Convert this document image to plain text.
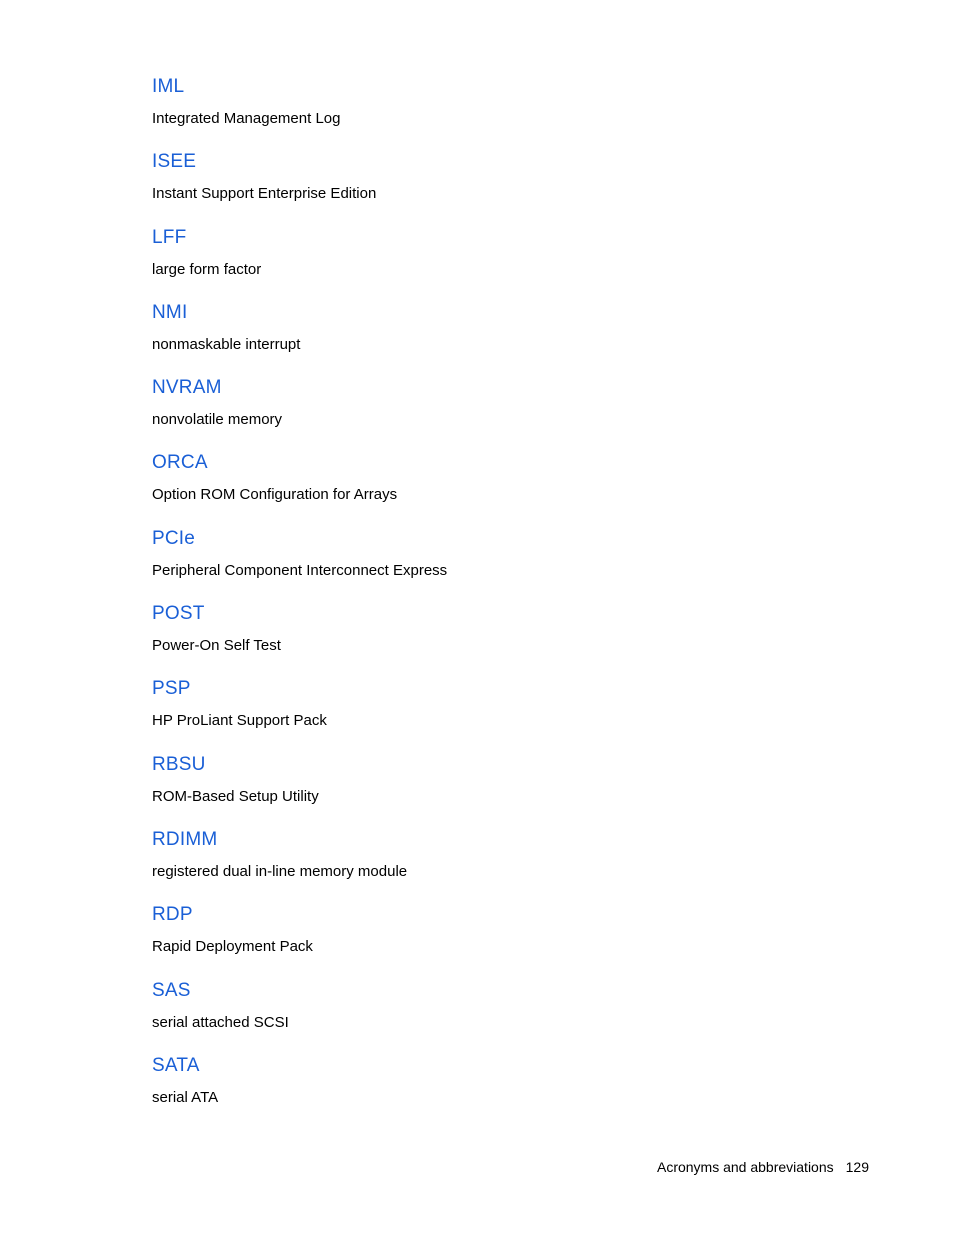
IML
Integrated Management Log
ISEE
Instant Support Enterprise Edition
LFF
large form factor
NMI
nonmaskable interrupt
NVRAM
nonvolatile memory
ORCA
Option ROM Configuration for Arrays
PCIe
Peripheral Component Interconnect Express
POST
Power-On Self Test
PSP
HP ProLiant Support Pack
RBSU
ROM-Based Setup Utility
RDIMM
registered dual in-line memory module
RDP
Rapid Deployment Pack
SAS
serial attached SCSI
SATA
serial ATA
Acronyms and abbreviations 129
